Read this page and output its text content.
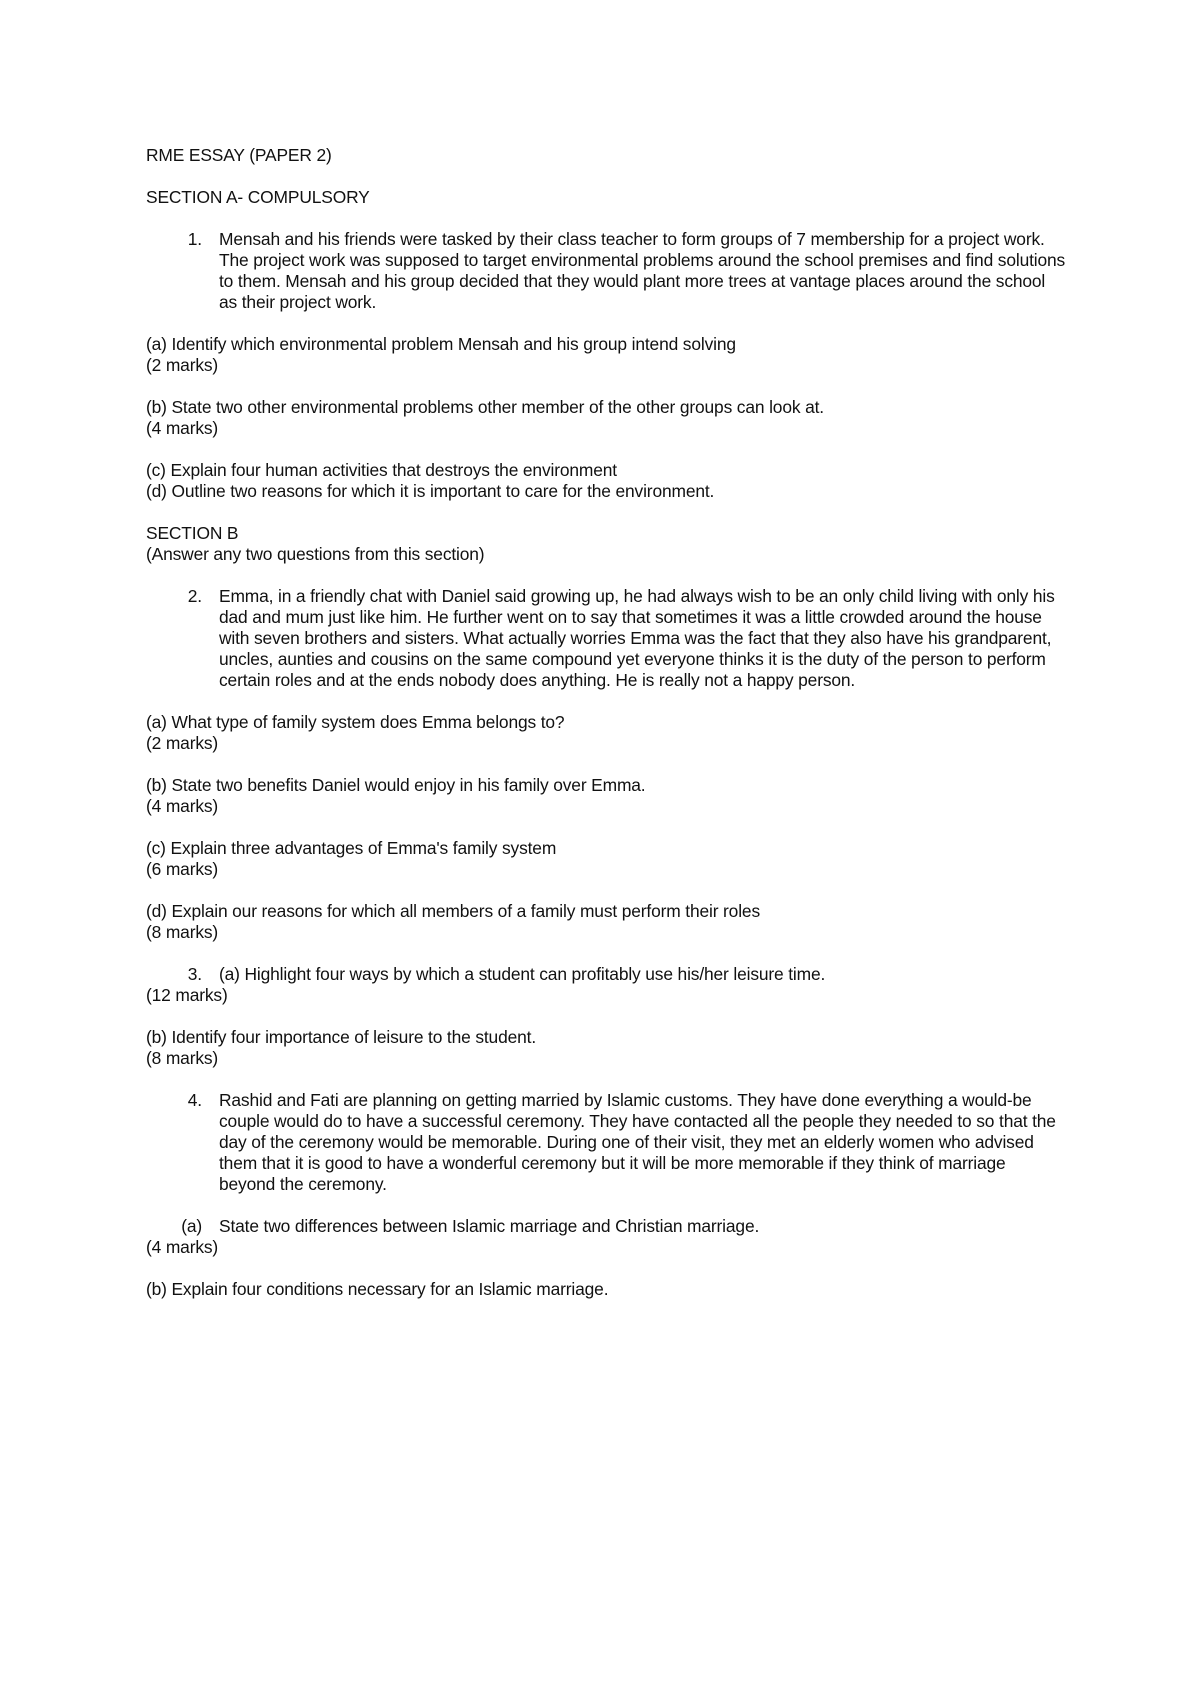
RME ESSAY (PAPER 2)

SECTION A- COMPULSORY

1. Mensah and his friends were tasked by their class teacher to form groups of 7 membership for a project work. The project work was supposed to target environmental problems around the school premises and find solutions to them. Mensah and his group decided that they would plant more trees at vantage places around the school as their project work.

(a) Identify which environmental problem Mensah and his group intend solving
(2 marks)

(b) State two other environmental problems other member of the other groups can look at.
(4 marks)

(c) Explain four human activities that destroys the environment
(d) Outline two reasons for which it is important to care for the environment.

SECTION B
(Answer any two questions from this section)

2. Emma, in a friendly chat with Daniel said growing up, he had always wish to be an only child living with only his dad and mum just like him. He further went on to say that sometimes it was a little crowded around the house with seven brothers and sisters. What actually worries Emma was the fact that they also have his grandparent, uncles, aunties and cousins on the same compound yet everyone thinks it is the duty of the person to perform certain roles and at the ends nobody does anything. He is really not a happy person.

(a) What type of family system does Emma belongs to?
(2 marks)

(b) State two benefits Daniel would enjoy in his family over Emma.
(4 marks)

(c) Explain three advantages of Emma's family system
(6 marks)

(d) Explain our reasons for which all members of a family must perform their roles
(8 marks)

3. (a) Highlight four ways by which a student can profitably use his/her leisure time.
(12 marks)

(b) Identify four importance of leisure to the student.
(8 marks)

4. Rashid and Fati are planning on getting married by Islamic customs. They have done everything a would-be couple would do to have a successful ceremony. They have contacted all the people they needed to so that the day of the ceremony would be memorable. During one of their visit, they met an elderly women who advised them that it is good to have a wonderful ceremony but it will be more memorable if they think of marriage beyond the ceremony.

(a) State two differences between Islamic marriage and Christian marriage.
(4 marks)

(b) Explain four conditions necessary for an Islamic marriage.
